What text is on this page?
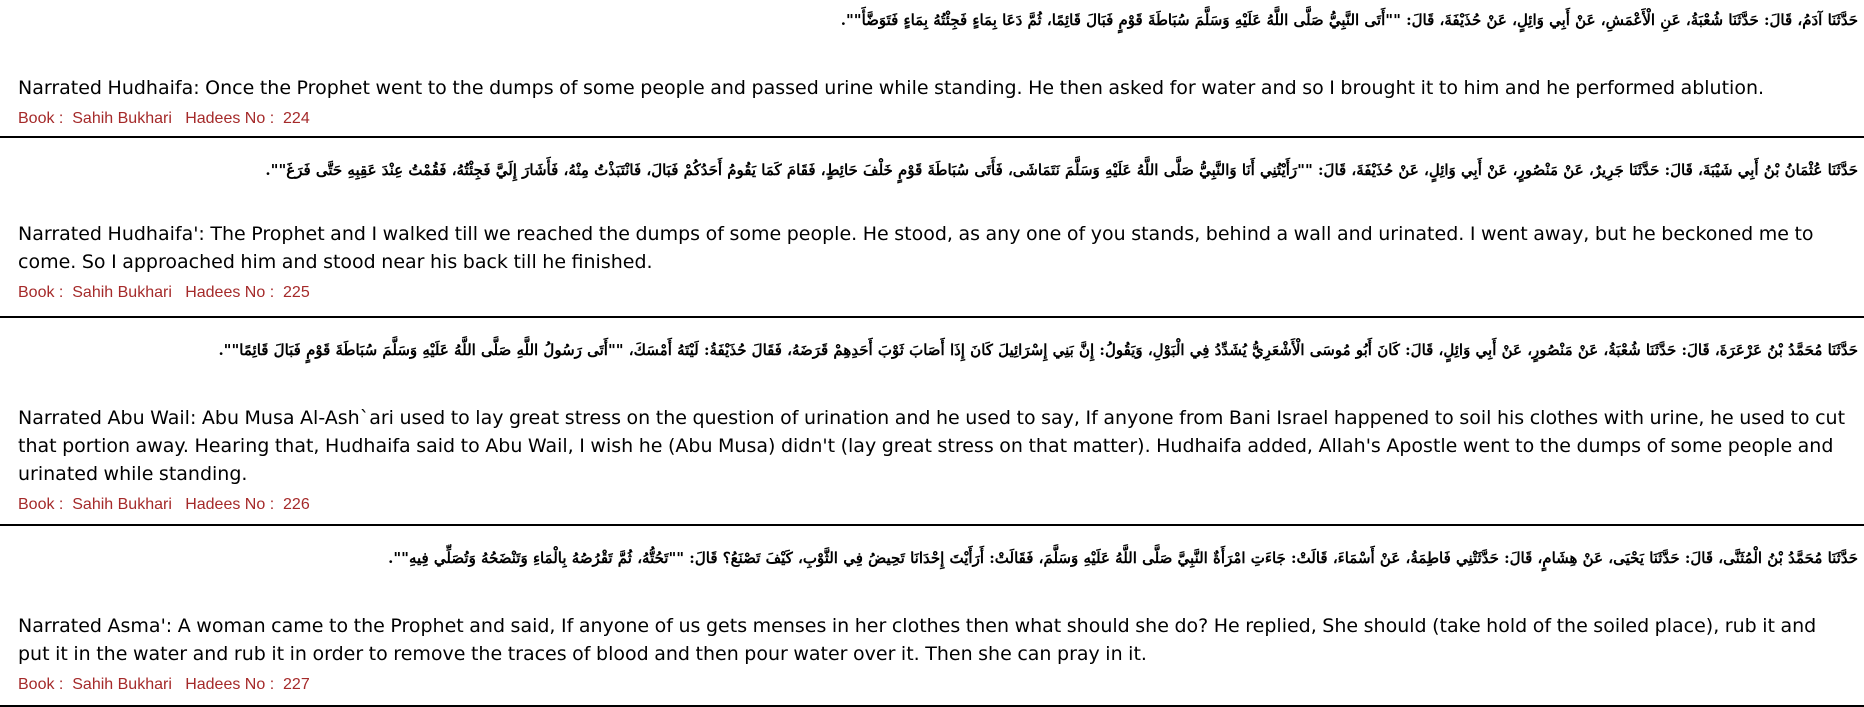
حَدَّثَنَا آدَمُ، قَالَ: حَدَّثَنَا شُعْبَةُ، عَنِ الْأَعْمَشِ، عَنْ أَبِي وَائِلٍ، عَنْ حُذَيْفَةَ، قَالَ: ""أَتَى النَّبِيُّ صَلَّى اللَّهُ عَلَيْهِ وَسَلَّمَ سُبَاطَةَ قَوْمٍ فَبَالَ قَائِمًا، ثُمَّ دَعَا بِمَاءٍ فَجِئْتُهُ بِمَاءٍ فَتَوَضَّأَ"".
Narrated Hudhaifa: Once the Prophet went to the dumps of some people and passed urine while standing. He then asked for water and so I brought it to him and he performed ablution.
Book :  Sahih Bukhari   Hadees No :  224
حَدَّثَنَا عُثْمَانُ بْنُ أَبِي شَيْبَةَ، قَالَ: حَدَّثَنَا جَرِيرٌ، عَنْ مَنْصُورٍ، عَنْ أَبِي وَائِلٍ، عَنْ حُذَيْفَةَ، قَالَ: ""رَأَيْتُنِي أَنَا وَالنَّبِيُّ صَلَّى اللَّهُ عَلَيْهِ وَسَلَّمَ نَتَمَاشَى، فَأَتَى سُبَاطَةَ قَوْمٍ خَلْفَ حَائِطٍ، فَقَامَ كَمَا يَقُومُ أَحَدُكُمْ فَبَالَ، فَانْتَبَذْتُ مِنْهُ، فَأَشَارَ إِلَيَّ فَجِئْتُهُ، فَقُمْتُ عِنْدَ عَقِبِهِ حَتَّى فَرَغَ"".
Narrated Hudhaifa': The Prophet and I walked till we reached the dumps of some people. He stood, as any one of you stands, behind a wall and urinated. I went away, but he beckoned me to come. So I approached him and stood near his back till he finished.
Book :  Sahih Bukhari   Hadees No :  225
حَدَّثَنَا مُحَمَّدُ بْنُ عَرْعَرَةَ، قَالَ: حَدَّثَنَا شُعْبَةُ، عَنْ مَنْصُورٍ، عَنْ أَبِي وَائِلٍ، قَالَ: كَانَ أَبُو مُوسَى الْأَشْعَرِيُّ يُشَدِّدُ فِي الْبَوْلِ، وَيَقُولُ: إِنَّ بَنِي إِسْرَائِيلَ كَانَ إِذَا أَصَابَ ثَوْبَ أَحَدِهِمْ قَرَضَهُ، فَقَالَ حُذَيْفَةُ: لَيْتَهُ أَمْسَكَ، ""أَتَى رَسُولُ اللَّهِ صَلَّى اللَّهُ عَلَيْهِ وَسَلَّمَ سُبَاطَةَ قَوْمٍ فَبَالَ قَائِمًا"".
Narrated Abu Wail: Abu Musa Al-Ash`ari used to lay great stress on the question of urination and he used to say, If anyone from Bani Israel happened to soil his clothes with urine, he used to cut that portion away. Hearing that, Hudhaifa said to Abu Wail, I wish he (Abu Musa) didn't (lay great stress on that matter). Hudhaifa added, Allah's Apostle went to the dumps of some people and urinated while standing.
Book :  Sahih Bukhari   Hadees No :  226
حَدَّثَنَا مُحَمَّدُ بْنُ الْمُثَنَّى، قَالَ: حَدَّثَنَا يَحْيَى، عَنْ هِشَامٍ، قَالَ: حَدَّثَتْنِي فَاطِمَةُ، عَنْ أَسْمَاءَ، قَالَتْ: جَاءَتِ امْرَأَةٌ النَّبِيَّ صَلَّى اللَّهُ عَلَيْهِ وَسَلَّمَ، فَقَالَتْ: أَرَأَيْتَ إِحْدَانَا تَحِيضُ فِي الثَّوْبِ، كَيْفَ تَصْنَعُ؟ قَالَ: ""تَحُتُّهُ، ثُمَّ تَقْرُصُهُ بِالْمَاءِ وَتَنْضَحُهُ وَتُصَلِّي فِيهِ"".
Narrated Asma': A woman came to the Prophet and said, If anyone of us gets menses in her clothes then what should she do? He replied, She should (take hold of the soiled place), rub it and put it in the water and rub it in order to remove the traces of blood and then pour water over it. Then she can pray in it.
Book :  Sahih Bukhari   Hadees No :  227
